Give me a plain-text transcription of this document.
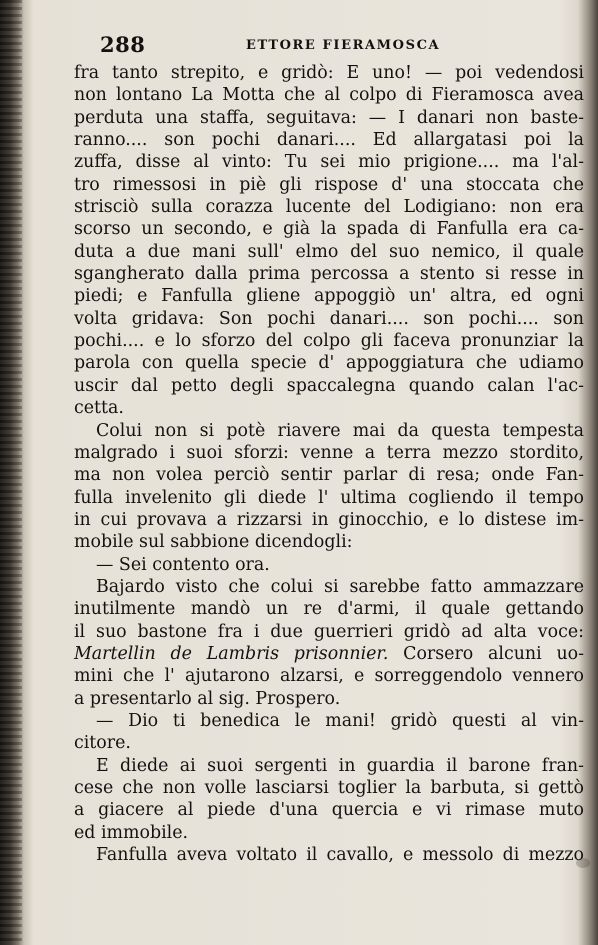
288	ETTORE FIERAMOSCA
fra tanto strepito, e gridò: E uno! — poi vedendosi
non lontano La Motta che al colpo di Fieramosca avea
perduta una staffa, seguitava: — I danari non baste-
ranno.... son pochi danari.... Ed allargatasi poi la
zuffa, disse al vinto: Tu sei mio prigione.... ma l'al-
tro rimessosi in piè gli rispose d' una stoccata che
strisciò sulla corazza lucente del Lodigiano: non era
scorso un secondo, e già la spada di Fanfulla era ca-
duta a due mani sull' elmo del suo nemico, il quale
sgangherato dalla prima percossa a stento si resse in
piedi; e Fanfulla gliene appoggiò un' altra, ed ogni
volta gridava: Son pochi danari.... son pochi.... son
pochi.... e lo sforzo del colpo gli faceva pronunziar la
parola con quella specie d' appoggiatura che udiamo
uscir dal petto degli spaccalegna quando calan l'ac-
cetta.
Colui non si potè riavere mai da questa tempesta
malgrado i suoi sforzi: venne a terra mezzo stordito,
ma non volea perciò sentir parlar di resa; onde Fan-
fulla invelenito gli diede l' ultima cogliendo il tempo
in cui provava a rizzarsi in ginocchio, e lo distese im-
mobile sul sabbione dicendogli:
— Sei contento ora.
Bajardo visto che colui si sarebbe fatto ammazzare
inutilmente mandò un re d'armi, il quale gettando
il suo bastone fra i due guerrieri gridò ad alta voce:
Martellin de Lambris prisonnier. Corsero alcuni uo-
mini che l' ajutarono alzarsi, e sorreggendolo vennero
a presentarlo al sig. Prospero.
— Dio ti benedica le mani! gridò questi al vin-
citore.
E diede ai suoi sergenti in guardia il barone fran-
cese che non volle lasciarsi toglier la barbuta, si gettò
a giacere al piede d'una quercia e vi rimase muto
ed immobile.
Fanfulla aveva voltato il cavallo, e messolo di mezzo
